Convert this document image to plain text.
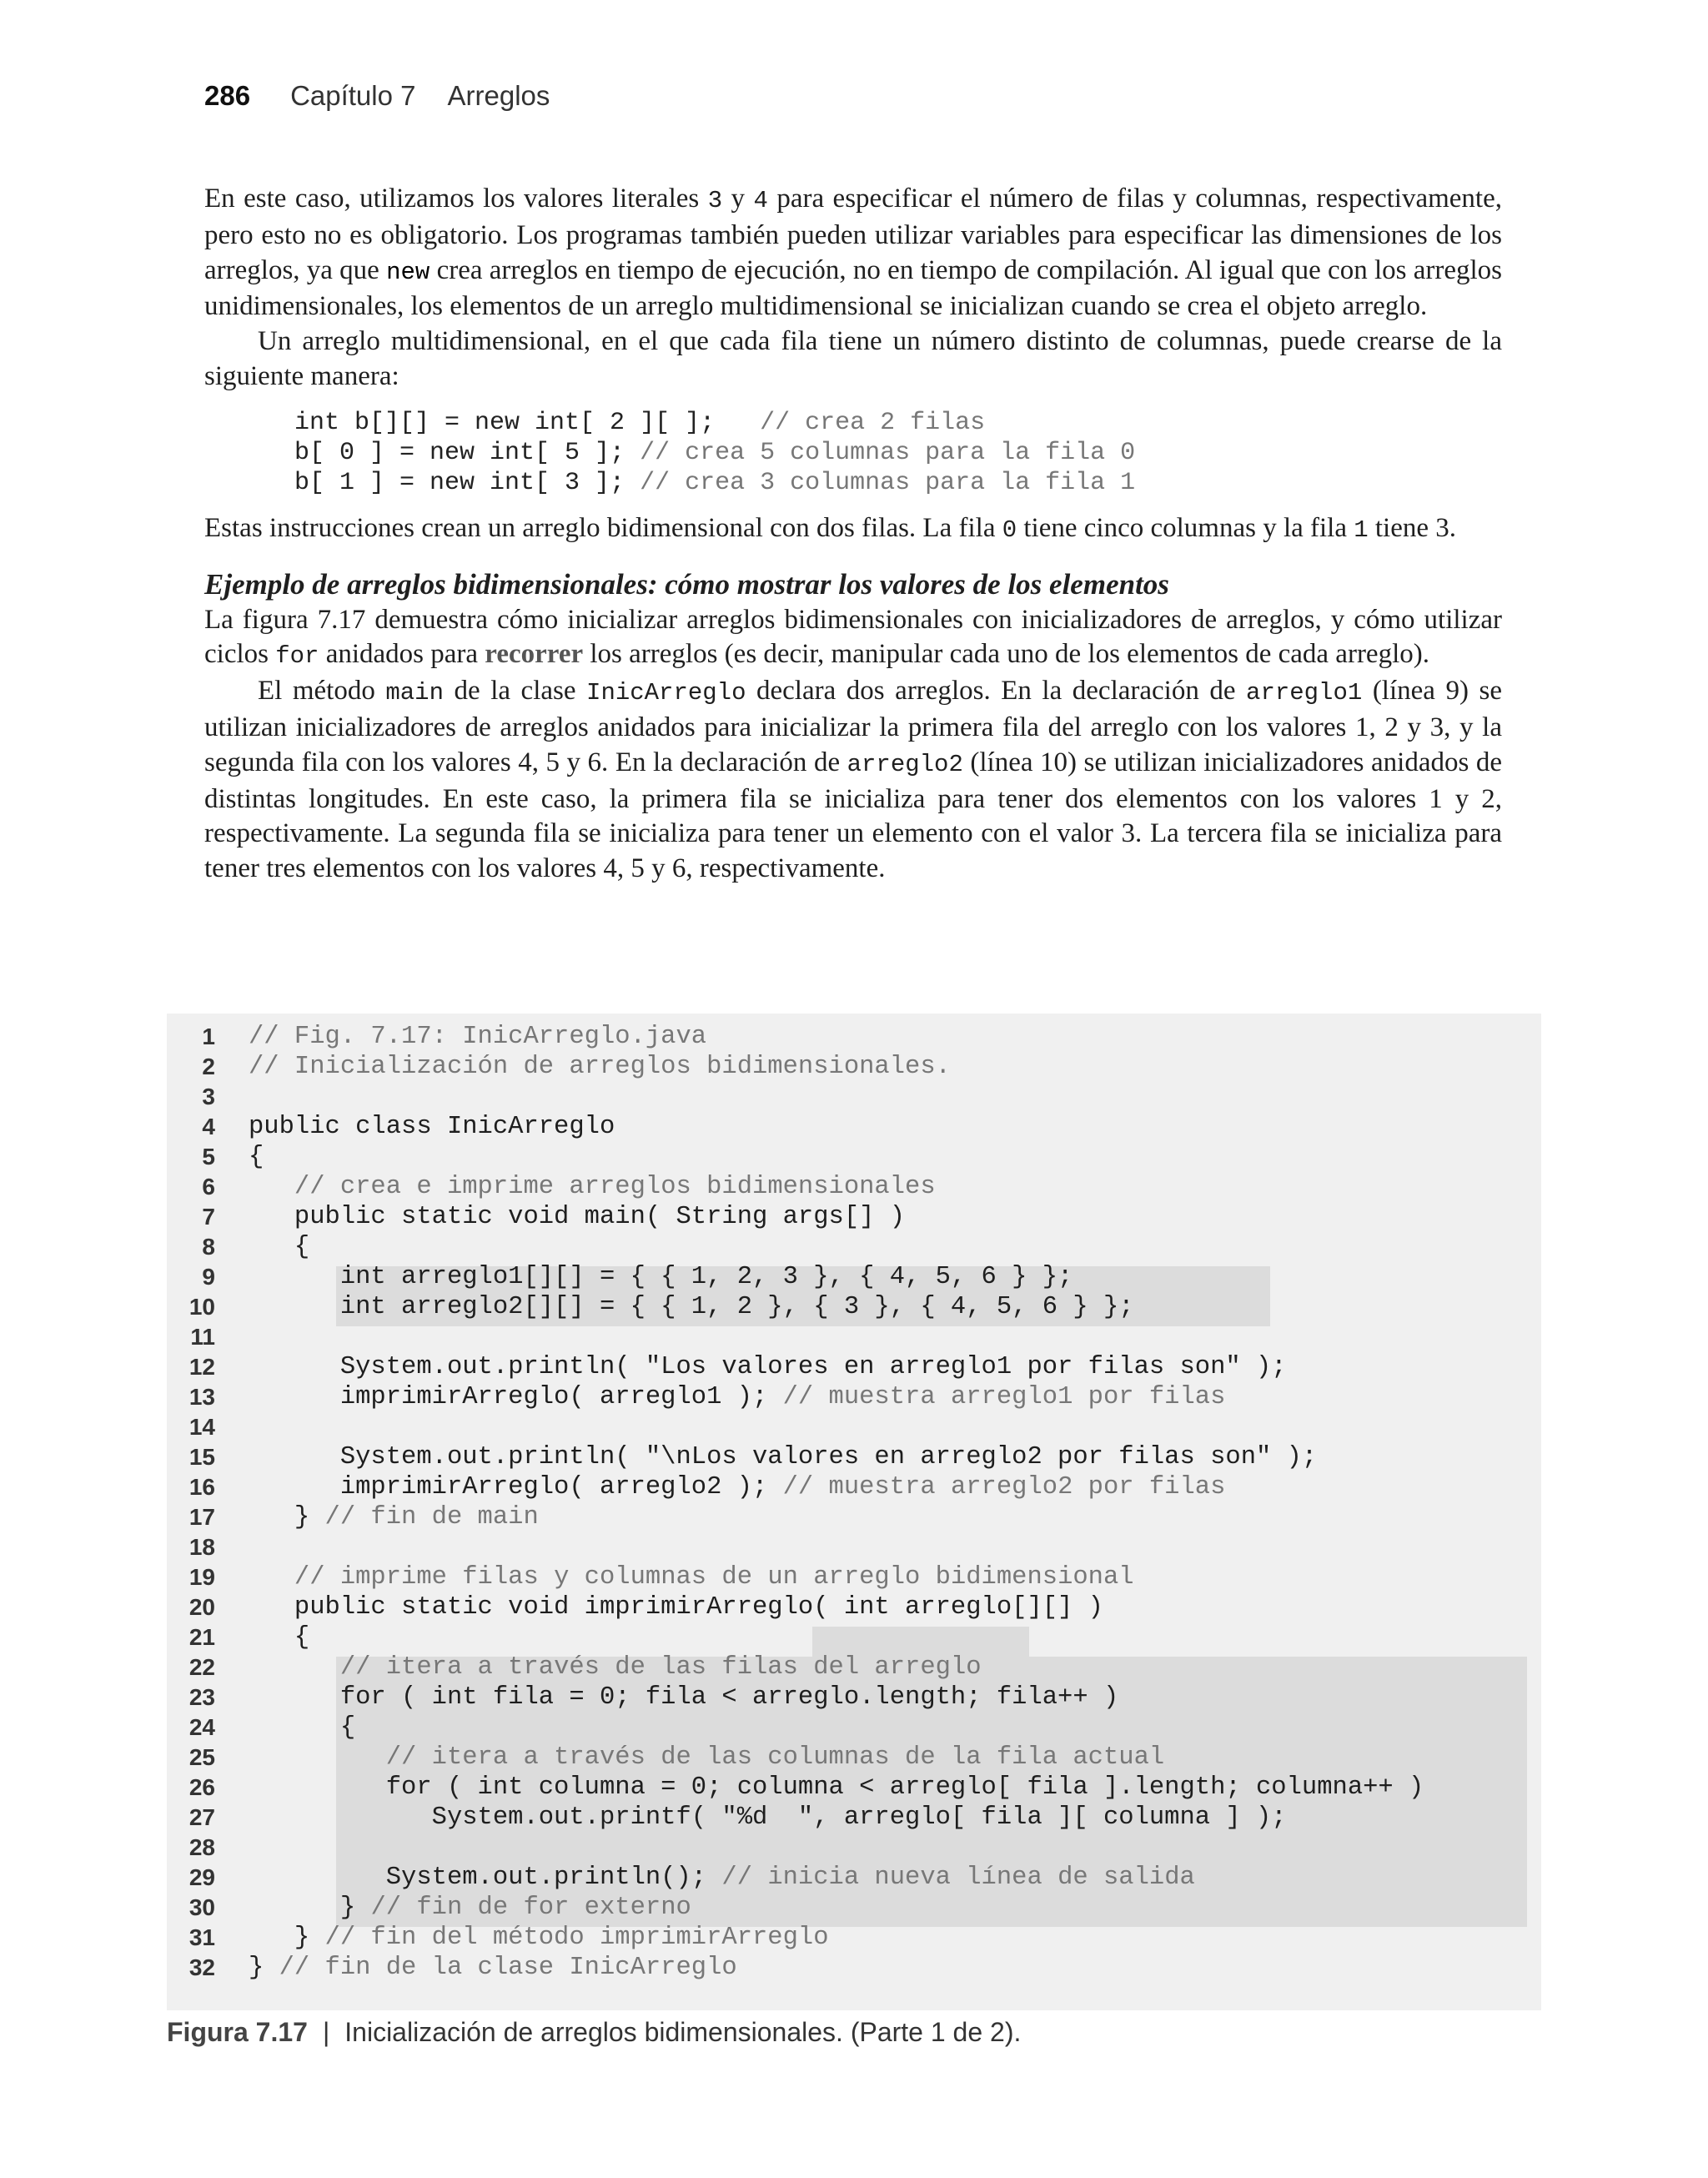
286 Capítulo 7 Arreglos

En este caso, utilizamos los valores literales 3 y 4 para especificar el número de filas y columnas, respectivamente, pero esto no es obligatorio. Los programas también pueden utilizar variables para especificar las dimensiones de los arreglos, ya que new crea arreglos en tiempo de ejecución, no en tiempo de compilación. Al igual que con los arreglos unidimensionales, los elementos de un arreglo multidimensional se inicializan cuando se crea el objeto arreglo.

Un arreglo multidimensional, en el que cada fila tiene un número distinto de columnas, puede crearse de la siguiente manera:

int b[][] = new int[ 2 ][ ];   // crea 2 filas
b[ 0 ] = new int[ 5 ]; // crea 5 columnas para la fila 0
b[ 1 ] = new int[ 3 ]; // crea 3 columnas para la fila 1

Estas instrucciones crean un arreglo bidimensional con dos filas. La fila 0 tiene cinco columnas y la fila 1 tiene 3.

Ejemplo de arreglos bidimensionales: cómo mostrar los valores de los elementos

La figura 7.17 demuestra cómo inicializar arreglos bidimensionales con inicializadores de arreglos, y cómo utilizar ciclos for anidados para recorrer los arreglos (es decir, manipular cada uno de los elementos de cada arreglo).

El método main de la clase InicArreglo declara dos arreglos. En la declaración de arreglo1 (línea 9) se utilizan inicializadores de arreglos anidados para inicializar la primera fila del arreglo con los valores 1, 2 y 3, y la segunda fila con los valores 4, 5 y 6. En la declaración de arreglo2 (línea 10) se utilizan inicializadores anidados de distintas longitudes. En este caso, la primera fila se inicializa para tener dos elementos con los valores 1 y 2, respectivamente. La segunda fila se inicializa para tener un elemento con el valor 3. La tercera fila se inicializa para tener tres elementos con los valores 4, 5 y 6, respectivamente.

1 // Fig. 7.17: InicArreglo.java
2 // Inicialización de arreglos bidimensionales.
3
4 public class InicArreglo
5 {
6	// crea e imprime arreglos bidimensionales
7 public static void main( String args[] )
8 {
9 int arreglo1[][] = { { 1, 2, 3 }, { 4, 5, 6 } };
10 int arreglo2[][] = { { 1, 2 }, { 3 }, { 4, 5, 6 } };
11
12 System.out.println( "Los valores en arreglo1 por filas son" );
13 imprimirArreglo( arreglo1 ); // muestra arreglo1 por filas
14
15 System.out.println( "\nLos valores en arreglo2 por filas son" );
16 imprimirArreglo( arreglo2 ); // muestra arreglo2 por filas
17 } // fin de main
18
19	// imprime filas y columnas de un arreglo bidimensional
20 public static void imprimirArreglo( int arreglo[][] )
21 {
22	// itera a través de las filas del arreglo
23 for ( int fila = 0; fila < arreglo.length; fila++ )
24 {
25	// itera a través de las columnas de la fila actual
26 for ( int columna = 0; columna < arreglo[ fila ].length; columna++ )
27 System.out.printf( "%d  ", arreglo[ fila ][ columna ] );
28
29 System.out.println(); // inicia nueva línea de salida
30 } // fin de for externo
31 } // fin del método imprimirArreglo
32 } // fin de la clase InicArreglo
Figura 7.17 | Inicialización de arreglos bidimensionales. (Parte 1 de 2).
